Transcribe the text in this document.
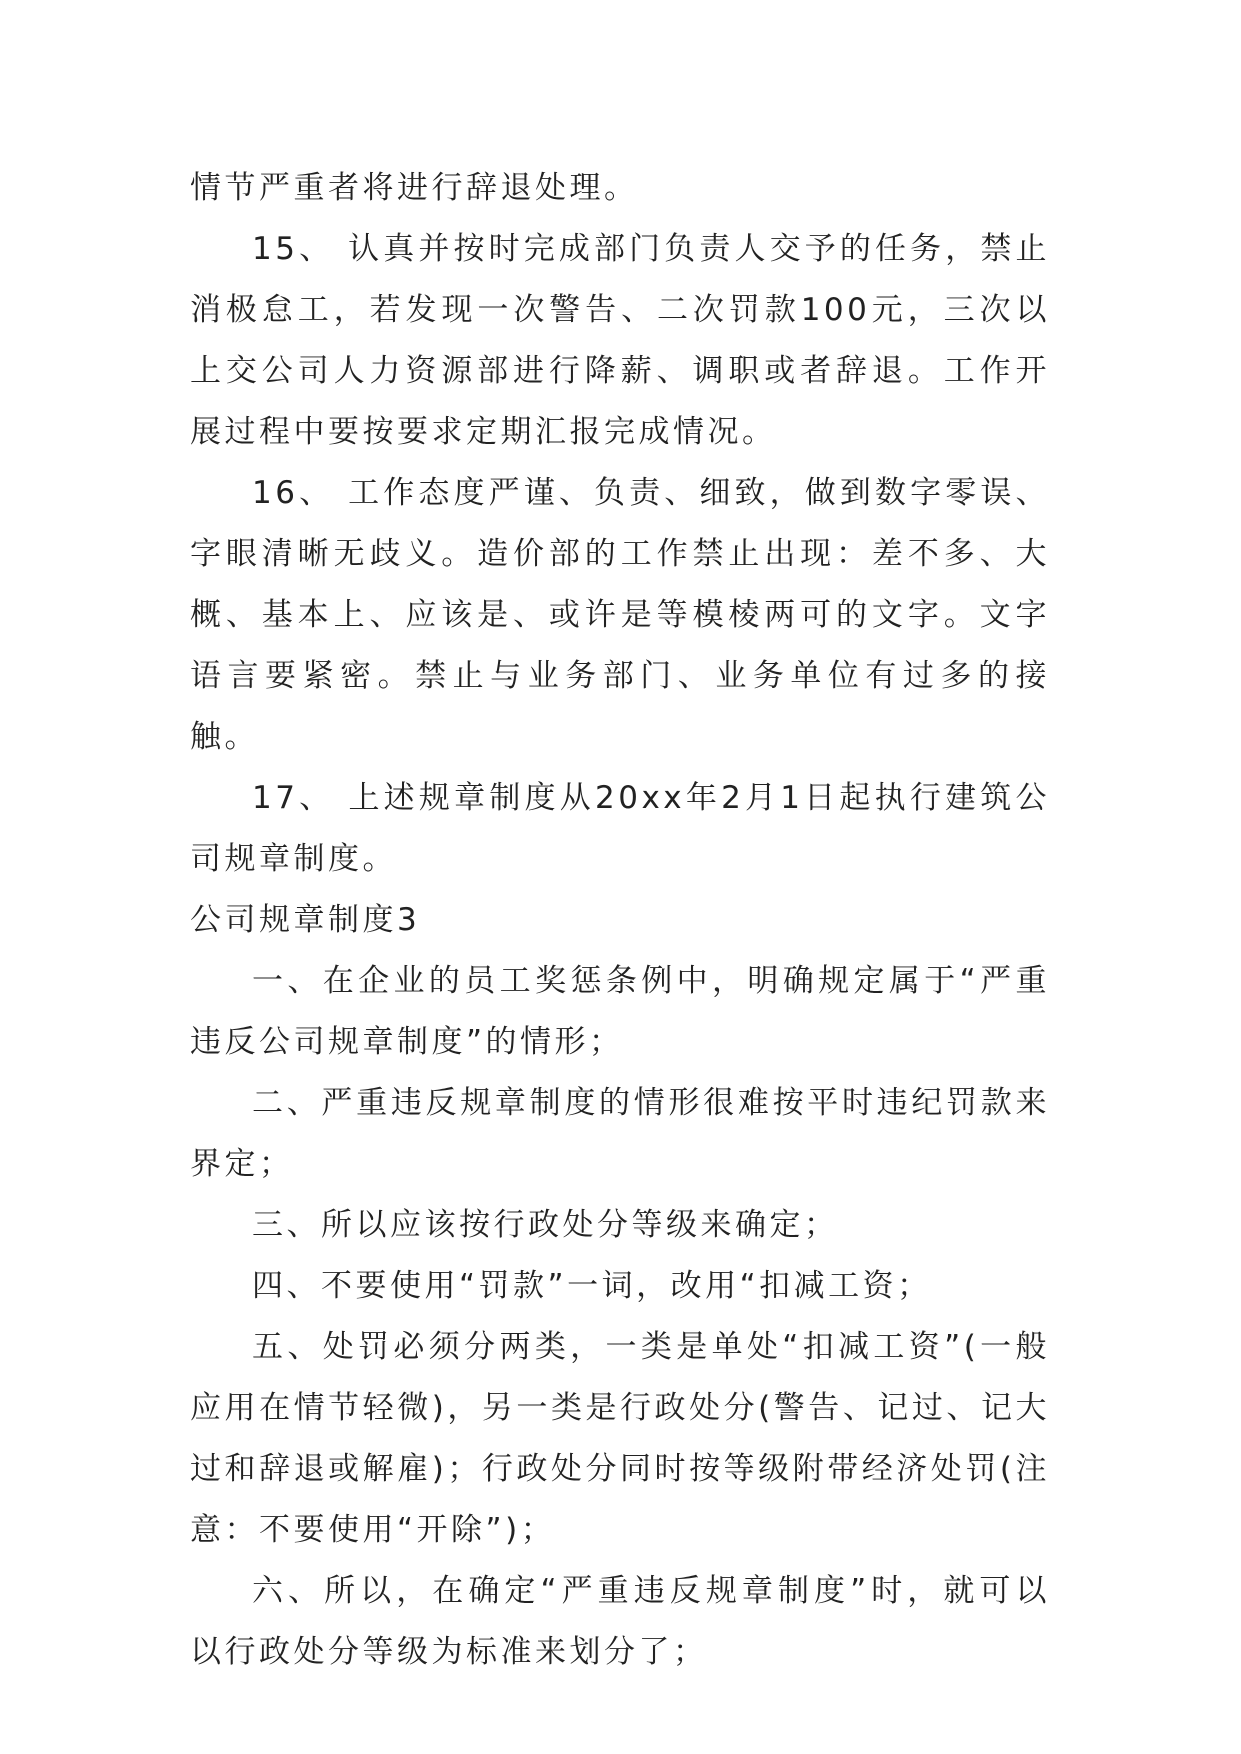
情节严重者将进行辞退处理。

15、 认真并按时完成部门负责人交予的任务，禁止消极怠工，若发现一次警告、二次罚款100元，三次以上交公司人力资源部进行降薪、调职或者辞退。工作开展过程中要按要求定期汇报完成情况。

16、 工作态度严谨、负责、细致，做到数字零误、字眼清晰无歧义。造价部的工作禁止出现：差不多、大概、基本上、应该是、或许是等模棱两可的文字。文字语言要紧密。禁止与业务部门、业务单位有过多的接触。

17、 上述规章制度从20xx年2月1日起执行建筑公司规章制度。

公司规章制度3

一、在企业的员工奖惩条例中，明确规定属于“严重违反公司规章制度”的情形；

二、严重违反规章制度的情形很难按平时违纪罚款来界定；

三、所以应该按行政处分等级来确定；

四、不要使用“罚款”一词，改用“扣减工资；

五、处罚必须分两类，一类是单处“扣减工资”(一般应用在情节轻微)，另一类是行政处分(警告、记过、记大过和辞退或解雇)；行政处分同时按等级附带经济处罚(注意：不要使用“开除”)；

六、所以，在确定“严重违反规章制度”时，就可以以行政处分等级为标准来划分了；
